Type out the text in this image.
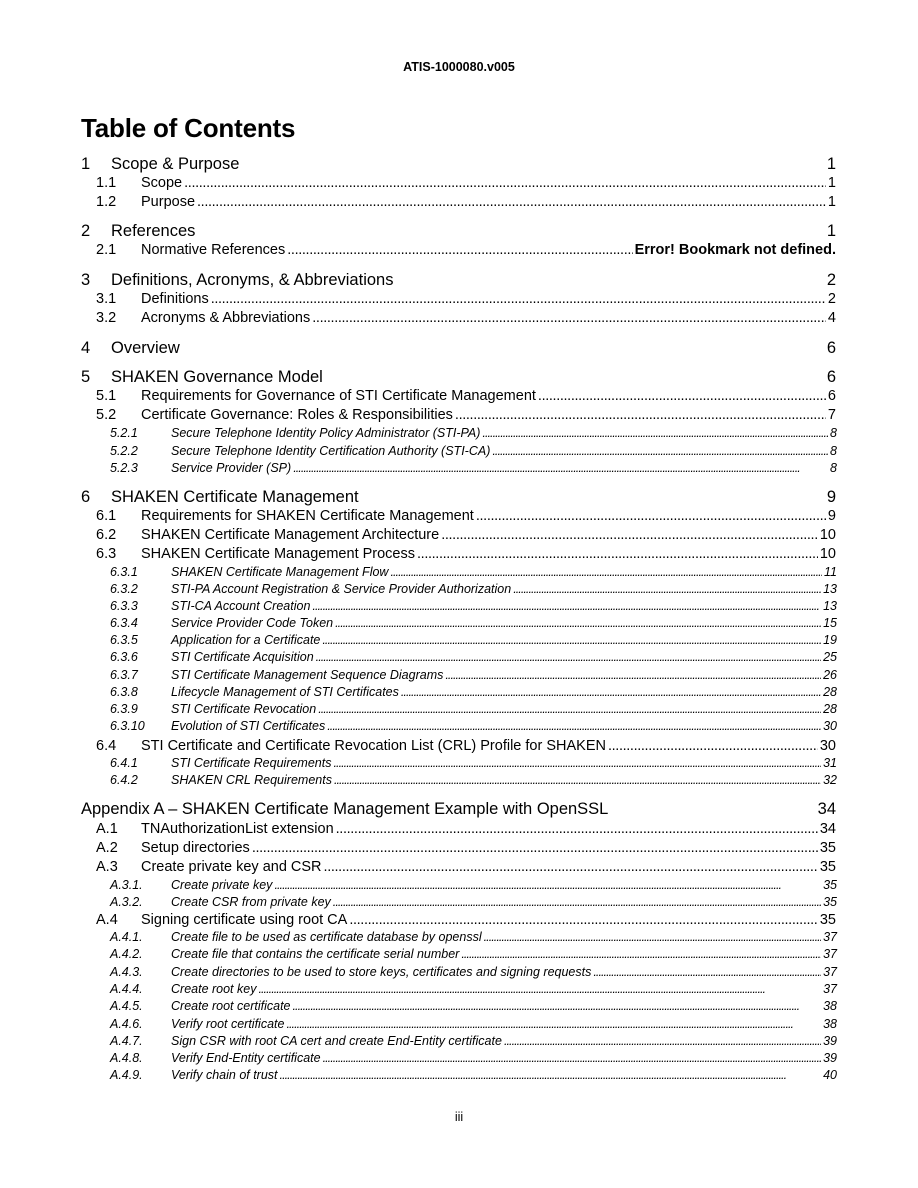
ATIS-1000080.v005
Table of Contents
1	Scope & Purpose	1
1.1	Scope . . .	1
1.2	Purpose . . .	1
2	References	1
2.1	Normative References . . .	Error! Bookmark not defined.
3	Definitions, Acronyms, & Abbreviations	2
3.1	Definitions . . .	2
3.2	Acronyms & Abbreviations . . .	4
4	Overview	6
5	SHAKEN Governance Model	6
5.1	Requirements for Governance of STI Certificate Management . . .	6
5.2	Certificate Governance: Roles & Responsibilities . . .	7
5.2.1	Secure Telephone Identity Policy Administrator (STI-PA) . . .	8
5.2.2	Secure Telephone Identity Certification Authority (STI-CA) . . .	8
5.2.3	Service Provider (SP) . . .	8
6	SHAKEN Certificate Management	9
6.1	Requirements for SHAKEN Certificate Management . . .	9
6.2	SHAKEN Certificate Management Architecture . . .	10
6.3	SHAKEN Certificate Management Process . . .	10
6.3.1	SHAKEN Certificate Management Flow . . .	11
6.3.2	STI-PA Account Registration & Service Provider Authorization . . .	13
6.3.3	STI-CA Account Creation . . .	13
6.3.4	Service Provider Code Token . . .	15
6.3.5	Application for a Certificate . . .	19
6.3.6	STI Certificate Acquisition . . .	25
6.3.7	STI Certificate Management Sequence Diagrams . . .	26
6.3.8	Lifecycle Management of STI Certificates . . .	28
6.3.9	STI Certificate Revocation . . .	28
6.3.10	Evolution of STI Certificates . . .	30
6.4	STI Certificate and Certificate Revocation List (CRL) Profile for SHAKEN . . .	30
6.4.1	STI Certificate Requirements . . .	31
6.4.2	SHAKEN CRL Requirements . . .	32
Appendix A – SHAKEN Certificate Management Example with OpenSSL	34
A.1	TNAuthorizationList extension . . .	34
A.2	Setup directories . . .	35
A.3	Create private key and CSR . . .	35
A.3.1.	Create private key . . .	35
A.3.2.	Create CSR from private key . . .	35
A.4	Signing certificate using root CA . . .	35
A.4.1.	Create file to be used as certificate database by openssl . . .	37
A.4.2.	Create file that contains the certificate serial number . . .	37
A.4.3.	Create directories to be used to store keys, certificates and signing requests . . .	37
A.4.4.	Create root key . . .	37
A.4.5.	Create root certificate . . .	38
A.4.6.	Verify root certificate . . .	38
A.4.7.	Sign CSR with root CA cert and create End-Entity certificate . . .	39
A.4.8.	Verify End-Entity certificate . . .	39
A.4.9.	Verify chain of trust . . .	40
iii
